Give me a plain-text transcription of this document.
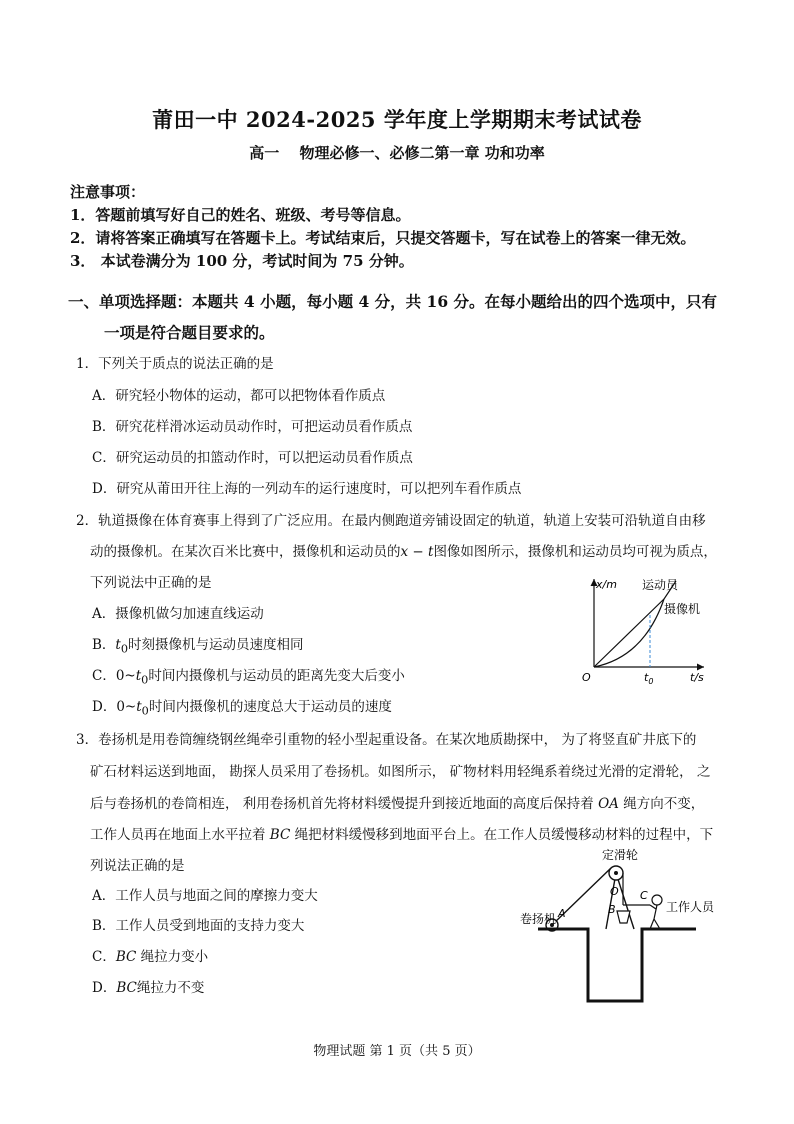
莆田一中 2024-2025 学年度上学期期末考试试卷
高一　 物理必修一、必修二第一章 功和功率
注意事项：
1．答题前填写好自己的姓名、班级、考号等信息。
2．请将答案正确填写在答题卡上。考试结束后，只提交答题卡，写在试卷上的答案一律无效。
3． 本试卷满分为 100 分，考试时间为 75 分钟。
一、单项选择题：本题共 4 小题，每小题 4 分，共 16 分。在每小题给出的四个选项中，只有
一项是符合题目要求的。
1．下列关于质点的说法正确的是
A．研究轻小物体的运动，都可以把物体看作质点
B．研究花样滑冰运动员动作时，可把运动员看作质点
C．研究运动员的扣篮动作时，可以把运动员看作质点
D．研究从莆田开往上海的一列动车的运行速度时，可以把列车看作质点
2．轨道摄像在体育赛事上得到了广泛应用。在最内侧跑道旁铺设固定的轨道，轨道上安装可沿轨道自由移
动的摄像机。在某次百米比赛中，摄像机和运动员的x − t图像如图所示，摄像机和运动员均可视为质点，
下列说法中正确的是
A．摄像机做匀加速直线运动
B．$t_0$时刻摄像机与运动员速度相同
C．$0\sim t_0$时间内摄像机与运动员的距离先变大后变小
D．$0\sim t_0$时间内摄像机的速度总大于运动员的速度
x/m 运动员
摄像机
O	$t_0$	t/s
3．卷扬机是用卷筒缠绕钢丝绳牵引重物的轻小型起重设备。在某次地质勘探中， 为了将竖直矿井底下的
矿石材料运送到地面， 勘探人员采用了卷扬机。如图所示， 矿物材料用轻绳系着绕过光滑的定滑轮， 之
后与卷扬机的卷筒相连， 利用卷扬机首先将材料缓慢提升到接近地面的高度后保持着 OA 绳方向不变，
工作人员再在地面上水平拉着 BC 绳把材料缓慢移到地面平台上。在工作人员缓慢移动材料的过程中，下
列说法正确的是
A．工作人员与地面之间的摩擦力变大
B．工作人员受到地面的支持力变大
C．BC 绳拉力变小
D．BC绳拉力不变
定滑轮
O
卷扬机 A	B
C
工作人员
物理试题 第 1 页（共 5 页）
